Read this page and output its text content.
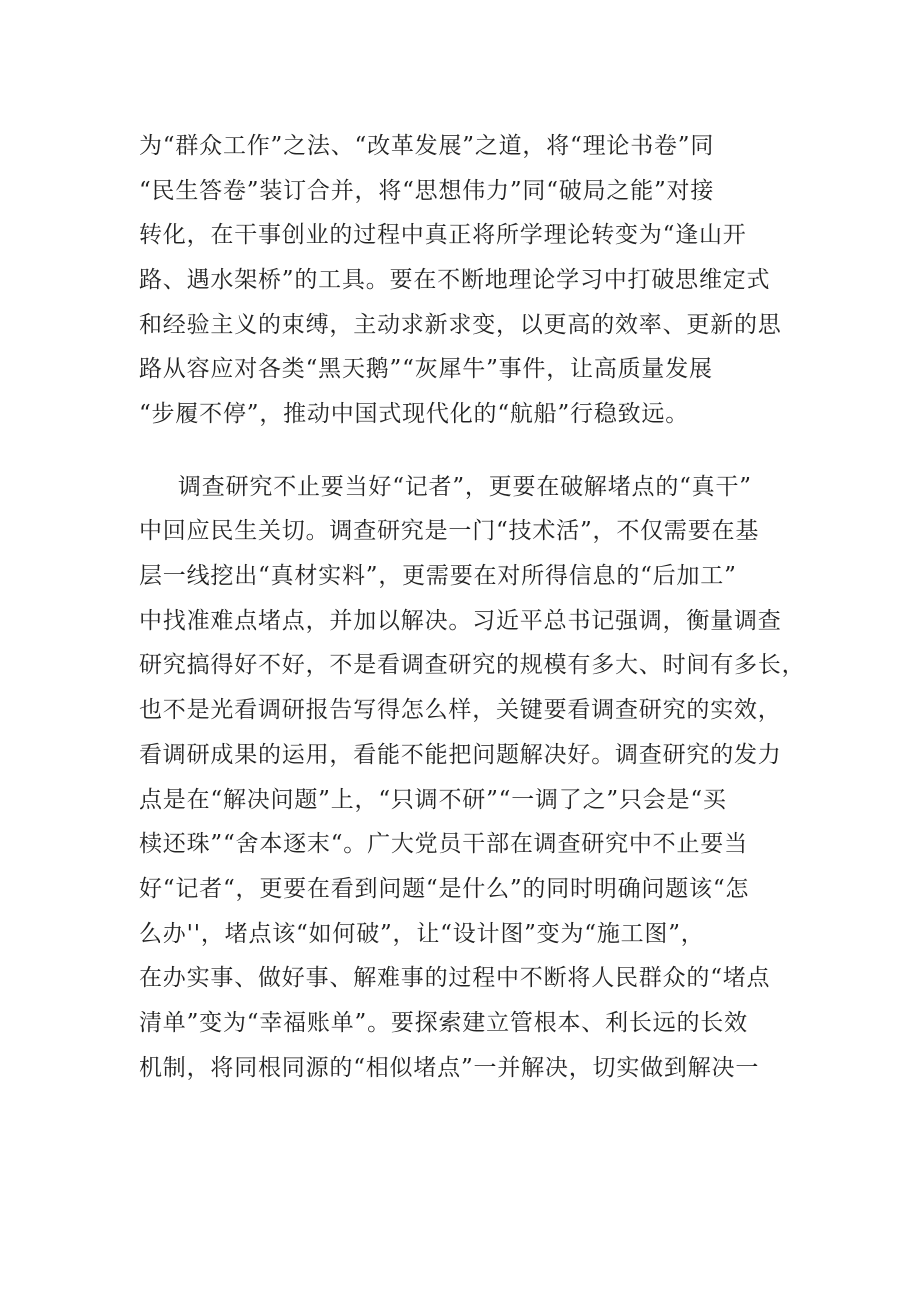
为“群众工作”之法、“改革发展”之道，将“理论书卷”同
“民生答卷”装订合并，将“思想伟力”同“破局之能”对接
转化，在干事创业的过程中真正将所学理论转变为“逢山开
路、遇水架桥”的工具。要在不断地理论学习中打破思维定式
和经验主义的束缚，主动求新求变，以更高的效率、更新的思
路从容应对各类“黑天鹅”“灰犀牛”事件，让高质量发展
“步履不停”，推动中国式现代化的“航船”行稳致远。
调查研究不止要当好“记者”，更要在破解堵点的“真干”
中回应民生关切。调查研究是一门“技术活”，不仅需要在基
层一线挖出“真材实料”，更需要在对所得信息的“后加工”
中找准难点堵点，并加以解决。习近平总书记强调，衡量调查
研究搞得好不好，不是看调查研究的规模有多大、时间有多长，
也不是光看调研报告写得怎么样，关键要看调查研究的实效，
看调研成果的运用，看能不能把问题解决好。调查研究的发力
点是在“解决问题”上，“只调不研”“一调了之”只会是“买
椟还珠”“舍本逐末“。广大党员干部在调查研究中不止要当
好“记者“，更要在看到问题“是什么”的同时明确问题该“怎
么办''，堵点该“如何破”，让“设计图”变为“施工图”，
在办实事、做好事、解难事的过程中不断将人民群众的“堵点
清单”变为“幸福账单”。要探索建立管根本、利长远的长效
机制，将同根同源的“相似堵点”一并解决，切实做到解决一
